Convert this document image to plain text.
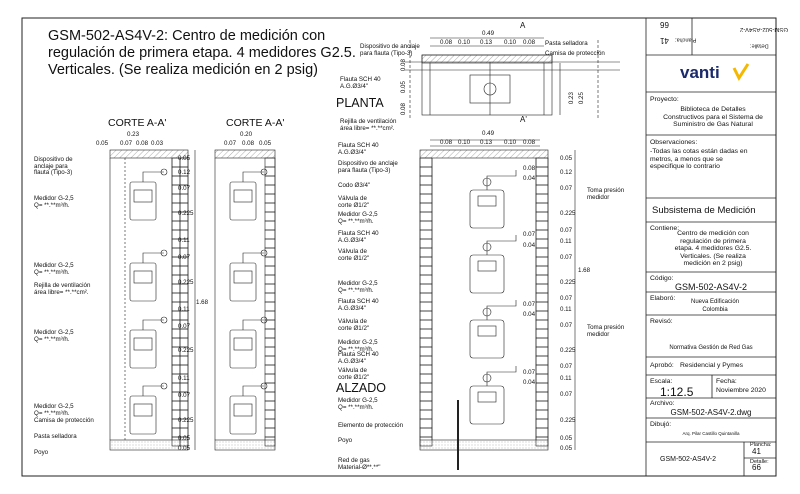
GSM-502-AS4V-2: Centro de medición con regulación de primera etapa. 4 medidores G2.5. Verticales. (Se realiza medición en 2 psig)
CORTE A-A'	CORTE A-A'
PLANTA
ALZADO
A
A'
0.23
0.05 0.07 0.08 0.03
0.05
0.12
0.07
0.225
0.11
0.07
0.225
0.11
0.07
0.225
0.11
0.07
0.225
0.05
0.05
1.68
0.20
0.07 0.08 0.05
0.49
0.08 0.10 0.13 0.10 0.08
0.23 0.25
0.08
0.05
0.08
0.49
0.08 0.10 0.13 0.10 0.08
0.05
0.12
0.07
0.225
0.07
0.11
0.07
0.225
0.07
0.11
0.07
0.225
0.07
0.11
0.07
0.225
0.05
0.05
1.68
0.08
0.04
0.07
0.04
0.07
0.04
0.07
0.04
Dispositivo de
anclaje para
flauta (Tipo-3)
Medidor G-2,5
Q= **.**m³/h.
Medidor G-2,5
Q= **.**m³/h.
Rejilla de ventilación
área libre= **.**cm².
Medidor G-2,5
Q= **.**m³/h.
Medidor G-2,5
Q= **.**m³/h.
Camisa de protección
Pasta selladora
Poyo
Dispositivo de anclaje
para flauta (Tipo-3)
Pasta selladora
Camisa de protección
Flauta SCH 40
A.G.Ø3/4"
Rejilla de ventilación
área libre= **.**cm².
Flauta SCH 40
A.G.Ø3/4"
Dispositivo de anclaje
para flauta (Tipo-3)
Codo Ø3/4"
Válvula de
corte Ø1/2"
Medidor G-2,5
Q= **.**m³/h.
Flauta SCH 40
A.G.Ø3/4"
Válvula de
corte Ø1/2"
Medidor G-2,5
Q= **.**m³/h.
Flauta SCH 40
A.G.Ø3/4"
Válvula de
corte Ø1/2"
Medidor G-2,5
Q= **.**m³/h.
Flauta SCH 40
A.G.Ø3/4"
Válvula de
corte Ø1/2"
Medidor G-2,5
Q= **.**m³/h.
Elemento de protección
Poyo
Red de gas
Material-Ø**.**"
Toma presión
medidor
Toma presión
medidor
99
41 Plancha:
GSM-502-AS4V-2
Detalle:
vanti
Proyecto:
Biblioteca de Detalles
Constructivos para el Sistema de
Suministro de Gas Natural
Observaciones:
-Todas las cotas están dadas en
metros, a menos que se
especifique lo contrario
Subsistema de Medición
Contiene:
Centro de medición con
regulación de primera
etapa. 4 medidores G2.5.
Verticales. (Se realiza
medición en 2 psig)
Código:
GSM-502-AS4V-2
Elaboró:	Nueva Edificación
Colombia
Revisó:
Normativa Gestión de Red Gas
Aprobó: Residencial y Pymes
Escala:
1:12.5
Fecha:
Noviembre 2020
Archivo:
GSM-502-AS4V-2.dwg
Dibujó:
Arq. Pilar Castillo Quintanilla
Plancha:
41
Detalle:
66
GSM-502-AS4V-2
